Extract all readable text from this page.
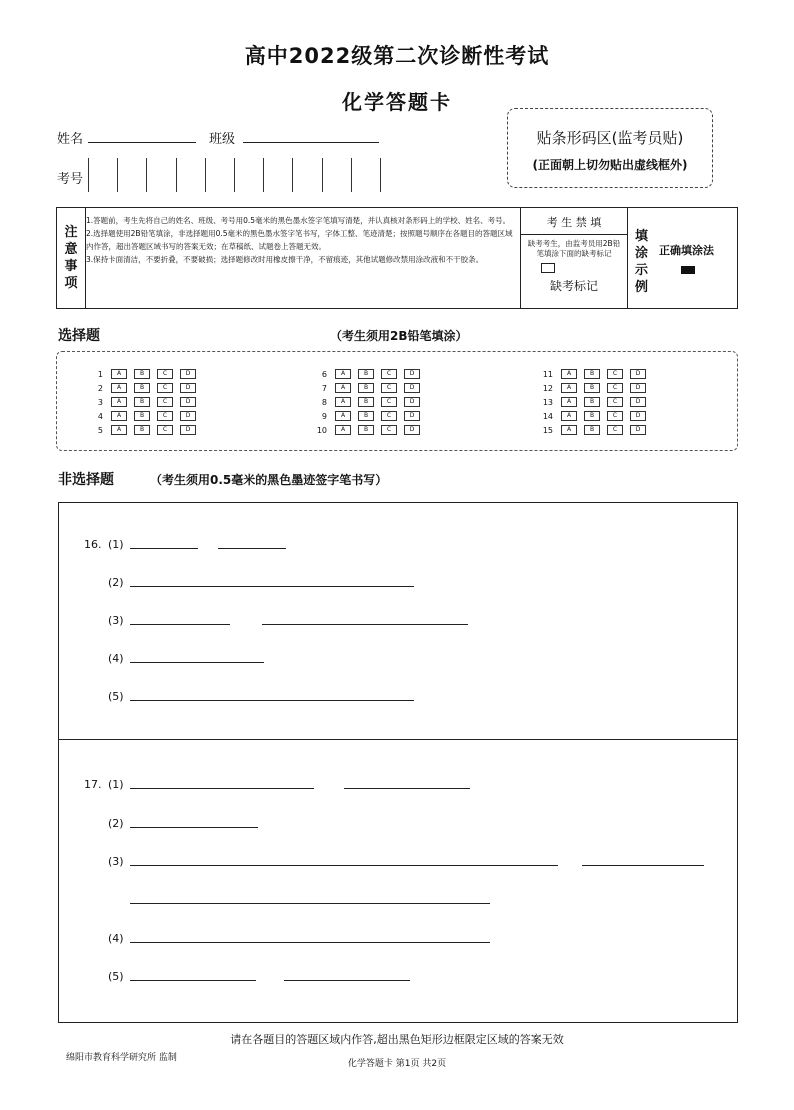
高中2022级第二次诊断性考试
化学答题卡
姓名	班级
考号
贴条形码区(监考员贴)
(正面朝上切勿贴出虚线框外)
注
意
事
项
1.答题前，考生先将自己的姓名、班级、考号用0.5毫米的黑色墨水签字笔填写清楚，并认真核对条形码上的学校、姓名、考号。
2.选择题使用2B铅笔填涂，非选择题用0.5毫米的黑色墨水签字笔书写，字体工整、笔迹清楚；按照题号顺序在各题目的答题区域内作答，超出答题区域书写的答案无效；在草稿纸、试题卷上答题无效。
3.保持卡面清洁，不要折叠，不要破损；选择题修改时用橡皮擦干净，不留痕迹，其他试题修改禁用涂改液和不干胶条。
考 生 禁 填
缺考考生，由监考员用2B铅笔填涂下面的缺考标记
缺考标记
填
涂
示
例
正确填涂法
选择题	（考生须用2B铅笔填涂）
1	A	B	C	D
2	A	B	C	D
3	A	B	C	D
4	A	B	C	D
5	A	B	C	D
6	A	B	C	D
7	A	B	C	D
8	A	B	C	D
9	A	B	C	D
10	A	B	C	D
11	A	B	C	D
12	A	B	C	D
13	A	B	C	D
14	A	B	C	D
15	A	B	C	D
非选择题	（考生须用0.5毫米的黑色墨迹签字笔书写）
16. (1)
(2)
(3)
(4)
(5)
17. (1)
(2)
(3)
(4)
(5)
请在各题目的答题区域内作答,超出黑色矩形边框限定区域的答案无效
绵阳市教育科学研究所 监制
化学答题卡 第1页 共2页
